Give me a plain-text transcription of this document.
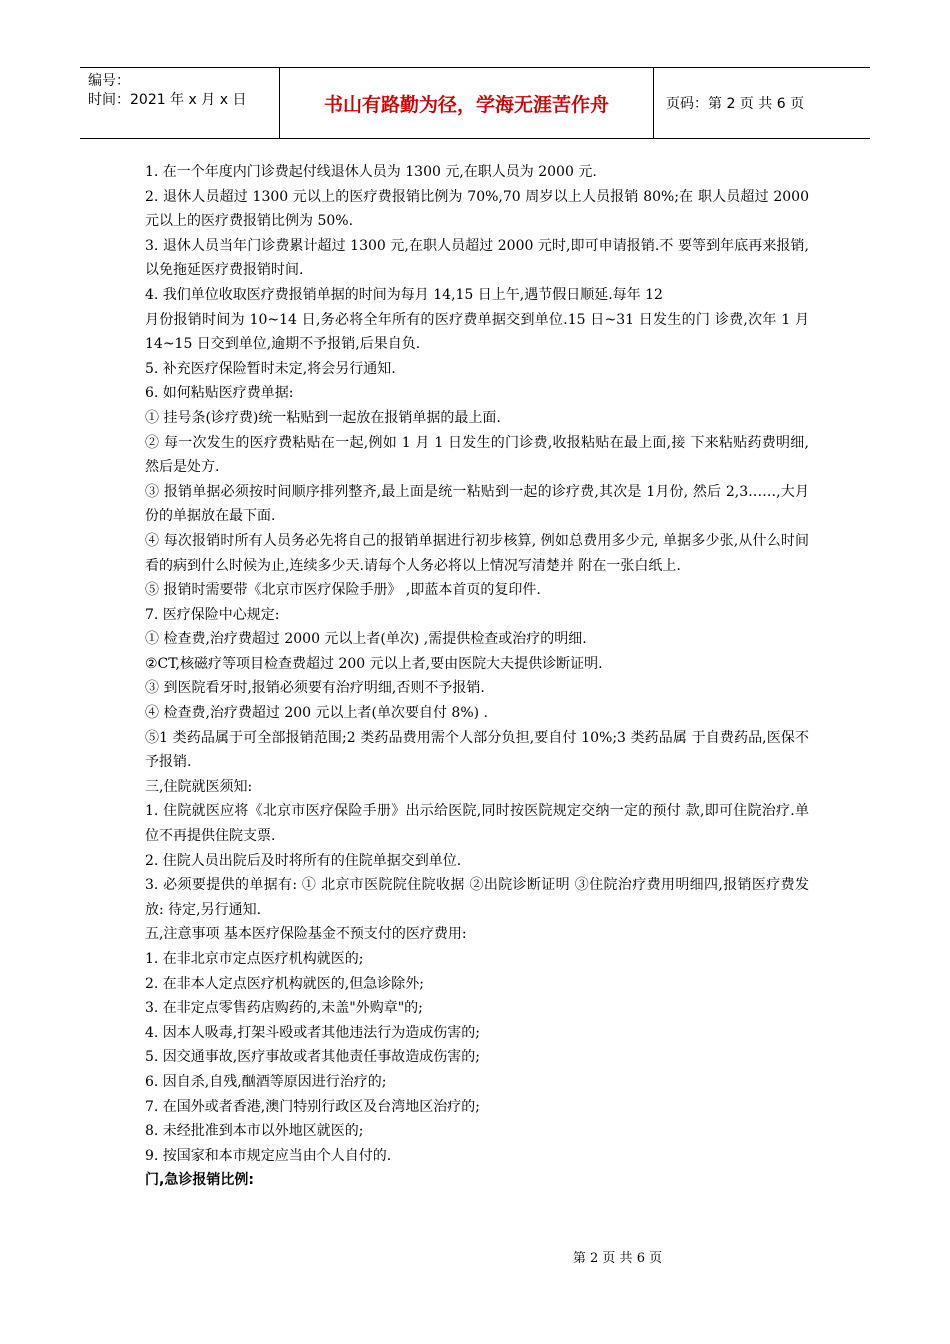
编号：
时间：2021 年 x 月 x 日	书山有路勤为径，学海无涯苦作舟	页码：第 2 页 共 6 页

1. 在一个年度内门诊费起付线退休人员为 1300 元,在职人员为 2000 元.

2. 退休人员超过 1300 元以上的医疗费报销比例为 70%,70 周岁以上人员报销 80%;在 职人员超过 2000 元以上的医疗费报销比例为 50%.

3. 退休人员当年门诊费累计超过 1300 元,在职人员超过 2000 元时,即可申请报销.不 要等到年底再来报销,以免拖延医疗费报销时间.

4. 我们单位收取医疗费报销单据的时间为每月 14,15 日上午,遇节假日顺延.每年 12

月份报销时间为 10~14 日,务必将全年所有的医疗费单据交到单位.15 日~31 日发生的门 诊费,次年 1 月 14~15 日交到单位,逾期不予报销,后果自负.

5. 补充医疗保险暂时未定,将会另行通知.

6. 如何粘贴医疗费单据:

① 挂号条(诊疗费)统一粘贴到一起放在报销单据的最上面.

② 每一次发生的医疗费粘贴在一起,例如 1 月 1 日发生的门诊费,收报粘贴在最上面,接 下来粘贴药费明细,然后是处方.

③ 报销单据必须按时间顺序排列整齐,最上面是统一粘贴到一起的诊疗费,其次是 1月份, 然后 2,3……,大月份的单据放在最下面.

④ 每次报销时所有人员务必先将自己的报销单据进行初步核算, 例如总费用多少元, 单据多少张,从什么时间看的病到什么时候为止,连续多少天.请每个人务必将以上情况写清楚并 附在一张白纸上.

⑤ 报销时需要带《北京市医疗保险手册》 ,即蓝本首页的复印件.

7. 医疗保险中心规定:

① 检查费,治疗费超过 2000 元以上者(单次) ,需提供检查或治疗的明细.

②CT,核磁疗等项目检查费超过 200 元以上者,要由医院大夫提供诊断证明.

③ 到医院看牙时,报销必须要有治疗明细,否则不予报销.

④ 检查费,治疗费超过 200 元以上者(单次要自付 8%) .

⑤1 类药品属于可全部报销范围;2 类药品费用需个人部分负担,要自付 10%;3 类药品属 于自费药品,医保不予报销.

三,住院就医须知:

1. 住院就医应将《北京市医疗保险手册》出示给医院,同时按医院规定交纳一定的预付 款,即可住院治疗.单位不再提供住院支票.

2. 住院人员出院后及时将所有的住院单据交到单位.

3. 必须要提供的单据有: ① 北京市医院院住院收据 ②出院诊断证明 ③住院治疗费用明细四,报销医疗费发放: 待定,另行通知.

五,注意事项 基本医疗保险基金不预支付的医疗费用:

1. 在非北京市定点医疗机构就医的;

2. 在非本人定点医疗机构就医的,但急诊除外;

3. 在非定点零售药店购药的,未盖"外购章"的;

4. 因本人吸毒,打架斗殴或者其他违法行为造成伤害的;

5. 因交通事故,医疗事故或者其他责任事故造成伤害的;

6. 因自杀,自残,酗酒等原因进行治疗的;

7. 在国外或者香港,澳门特别行政区及台湾地区治疗的;

8. 未经批准到本市以外地区就医的;

9. 按国家和本市规定应当由个人自付的.

门,急诊报销比例:

第 2 页 共 6 页
